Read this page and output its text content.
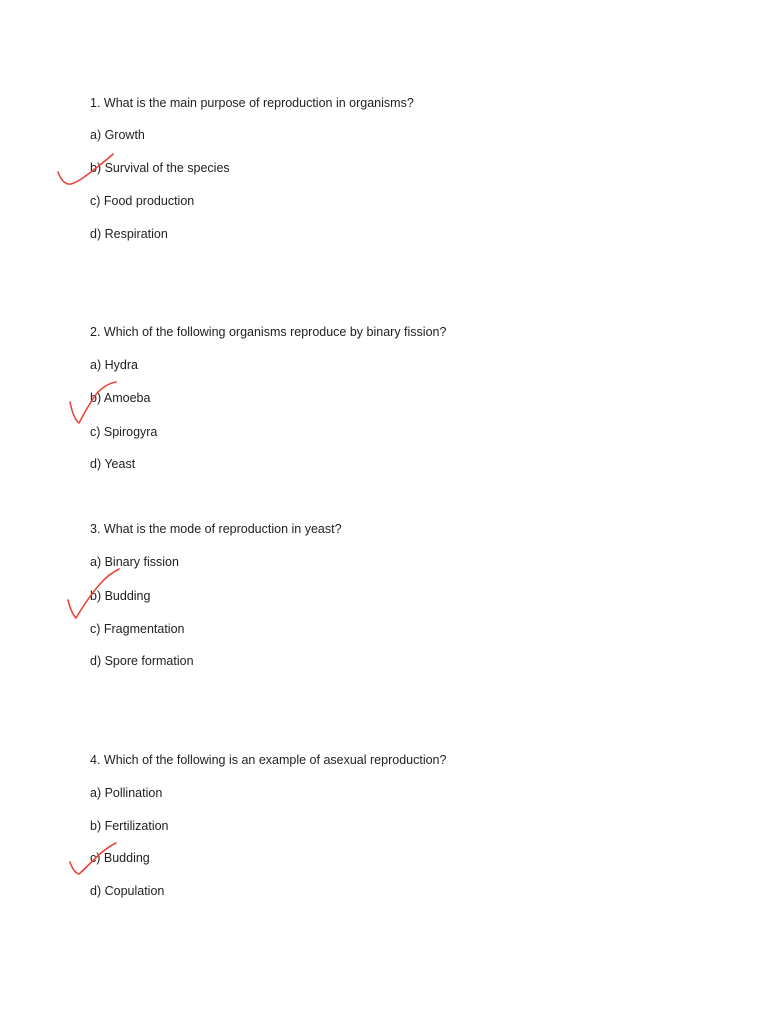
1. What is the main purpose of reproduction in organisms?
a) Growth
b) Survival of the species
c) Food production
d) Respiration
2. Which of the following organisms reproduce by binary fission?
a) Hydra
b) Amoeba
c) Spirogyra
d) Yeast
3. What is the mode of reproduction in yeast?
a) Binary fission
b) Budding
c) Fragmentation
d) Spore formation
4. Which of the following is an example of asexual reproduction?
a) Pollination
b) Fertilization
c) Budding
d) Copulation
